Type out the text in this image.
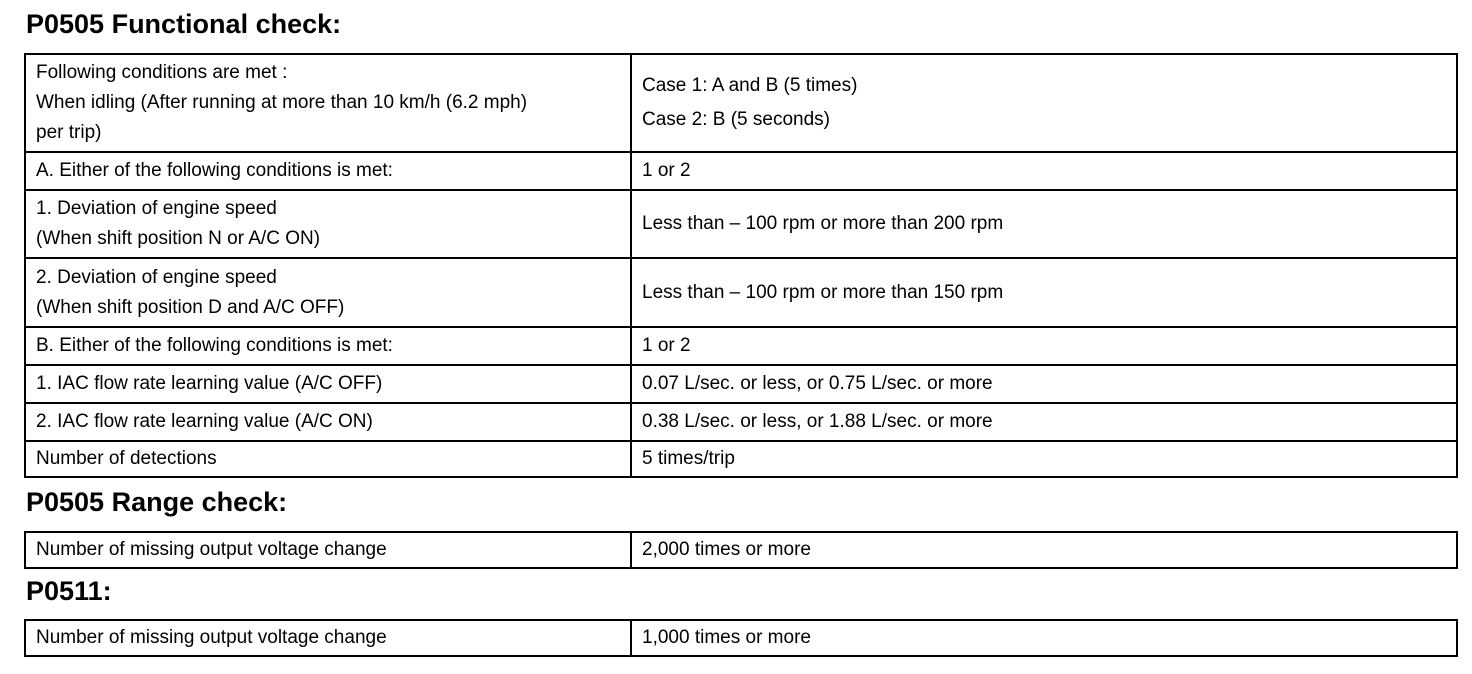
P0505 Functional check:
Following conditions are met :
When idling (After running at more than 10 km/h (6.2 mph)
per trip)	Case 1: A and B (5 times)
Case 2: B (5 seconds)

A. Either of the following conditions is met:	1 or 2

1. Deviation of engine speed
(When shift position N or A/C ON)	Less than – 100 rpm or more than 200 rpm

2. Deviation of engine speed
(When shift position D and A/C OFF)	Less than – 100 rpm or more than 150 rpm

B. Either of the following conditions is met:	1 or 2

1. IAC flow rate learning value (A/C OFF)	0.07 L/sec. or less, or 0.75 L/sec. or more

2. IAC flow rate learning value (A/C ON)	0.38 L/sec. or less, or 1.88 L/sec. or more

Number of detections	5 times/trip
P0505 Range check:
Number of missing output voltage change	2,000 times or more
P0511:
Number of missing output voltage change	1,000 times or more
